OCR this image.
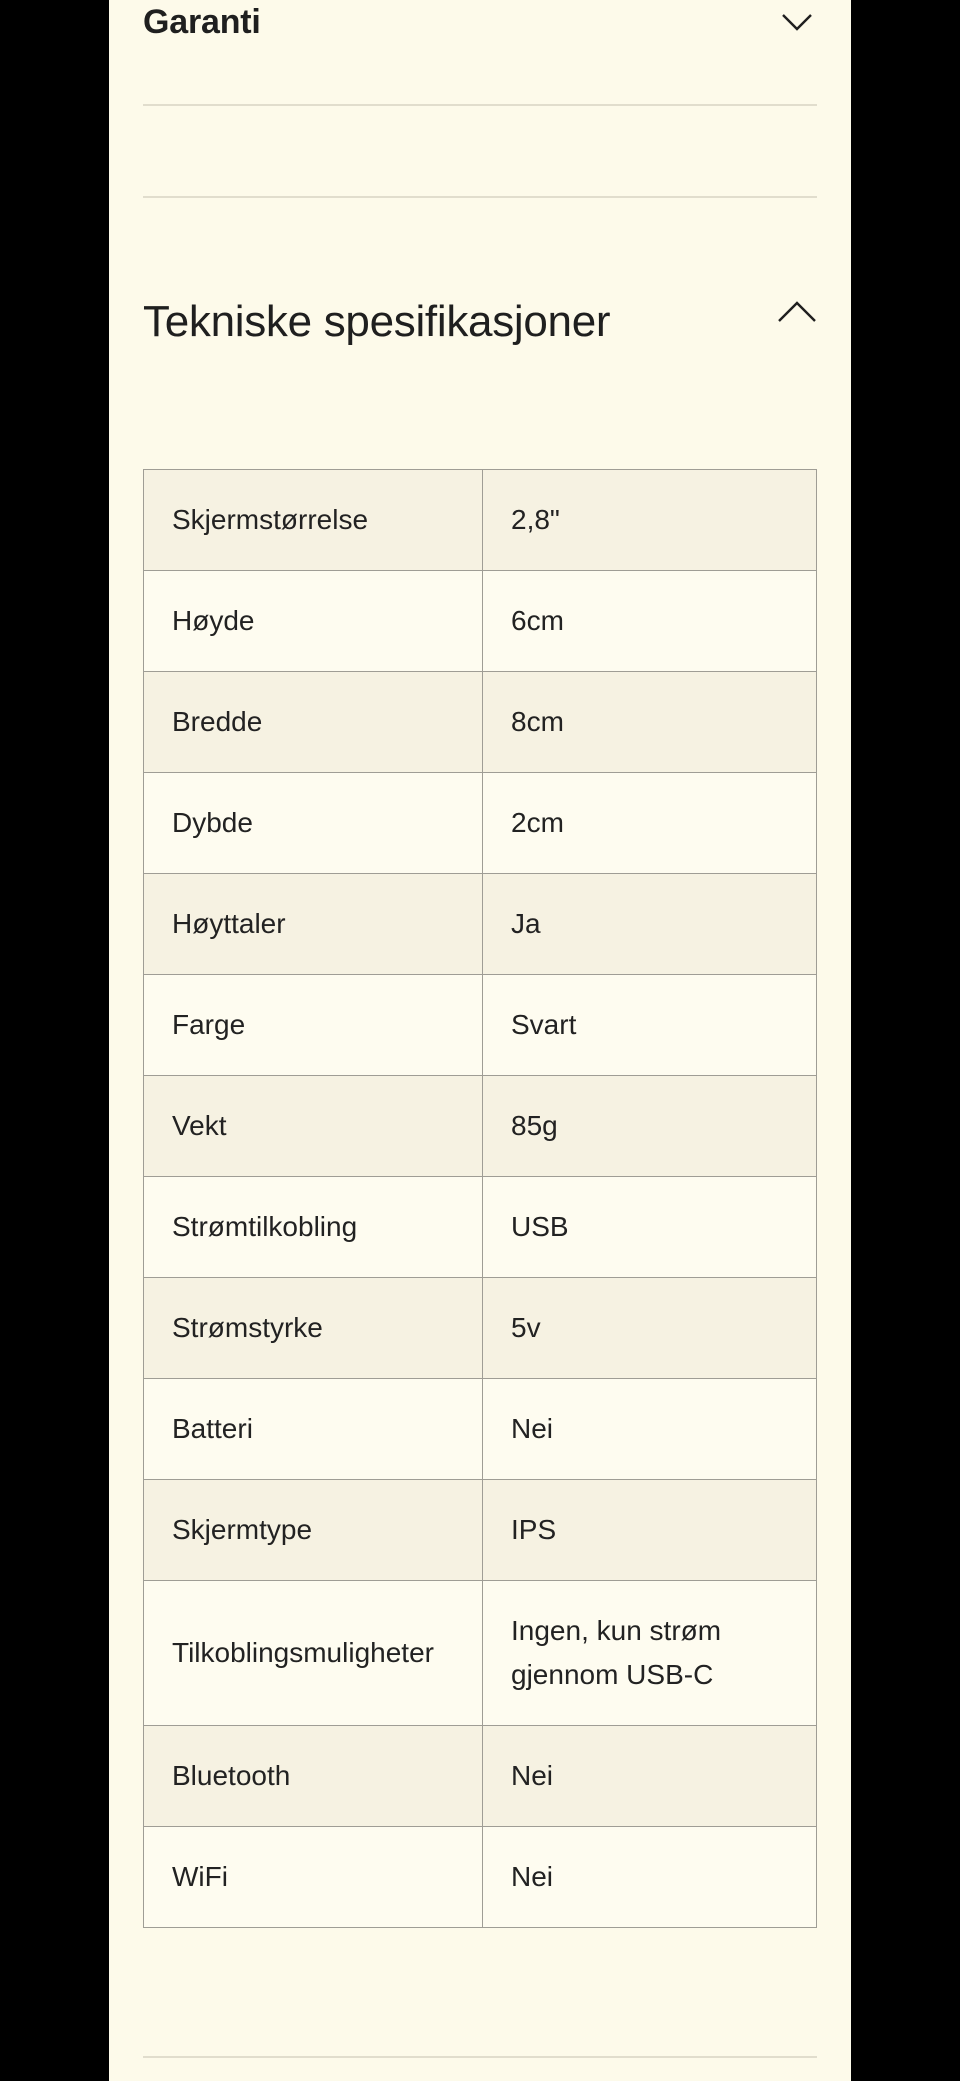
Garanti
Tekniske spesifikasjoner
Skjermstørrelse	2,8"
Høyde	6cm
Bredde	8cm
Dybde	2cm
Høyttaler	Ja
Farge	Svart
Vekt	85g
Strømtilkobling	USB
Strømstyrke	5v
Batteri	Nei
Skjermtype	IPS
Tilkoblingsmuligheter	Ingen, kun strøm gjennom USB-C
Bluetooth	Nei
WiFi	Nei
